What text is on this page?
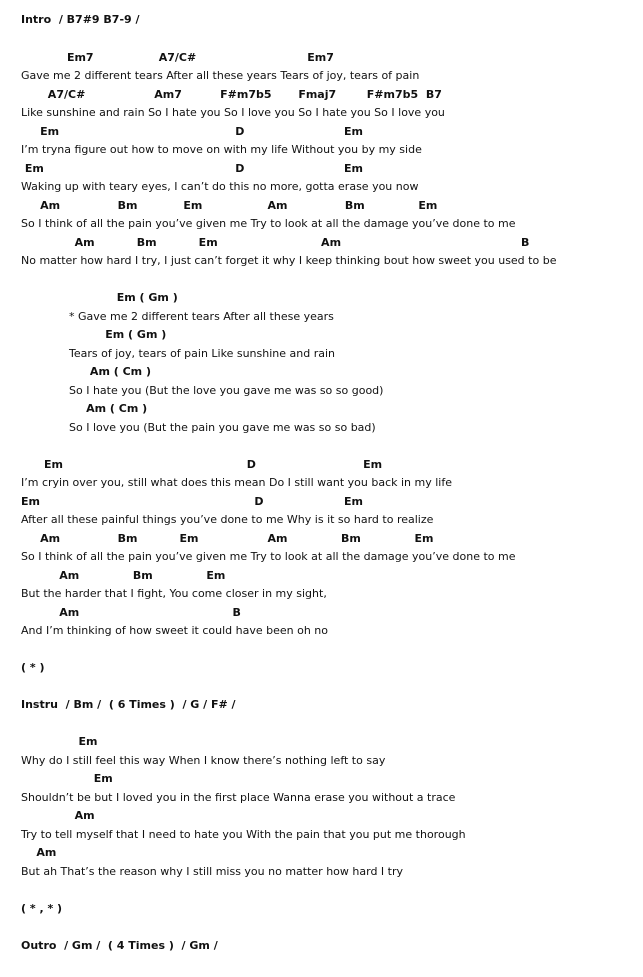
Intro  / B7#9 B7-9 /
Em7                 A7/C#                             Em7
Gave me 2 different tears After all these years Tears of joy, tears of pain
A7/C#                  Am7          F#m7b5       Fmaj7        F#m7b5  B7
Like sunshine and rain So I hate you So I love you So I hate you So I love you
Em                                              D                          Em
I’m tryna figure out how to move on with my life Without you by my side
Em                                                  D                          Em
Waking up with teary eyes, I can’t do this no more, gotta erase you now
Am               Bm            Em                 Am               Bm              Em
So I think of all the pain you’ve given me Try to look at all the damage you’ve done to me
Am           Bm           Em                           Am                                               B
No matter how hard I try, I just can’t forget it why I keep thinking bout how sweet you used to be
Em ( Gm )
* Gave me 2 different tears After all these years
Em ( Gm )
Tears of joy, tears of pain Like sunshine and rain
Am ( Cm )
So I hate you (But the love you gave me was so so good)
Am ( Cm )
So I love you (But the pain you gave me was so so bad)
Em                                                D                            Em
I’m cryin over you, still what does this mean Do I still want you back in my life
Em                                                        D                     Em
After all these painful things you’ve done to me Why is it so hard to realize
Am               Bm           Em                  Am              Bm              Em
So I think of all the pain you’ve given me Try to look at all the damage you’ve done to me
Am              Bm              Em
But the harder that I fight, You come closer in my sight,
Am                                        B
And I’m thinking of how sweet it could have been oh no
( * )
Instru  / Bm /  ( 6 Times )  / G / F# /
Em
Why do I still feel this way When I know there’s nothing left to say
Em
Shouldn’t be but I loved you in the first place Wanna erase you without a trace
Am
Try to tell myself that I need to hate you With the pain that you put me thorough
Am
But ah That’s the reason why I still miss you no matter how hard I try
( * , * )
Outro  / Gm /  ( 4 Times )  / Gm /
